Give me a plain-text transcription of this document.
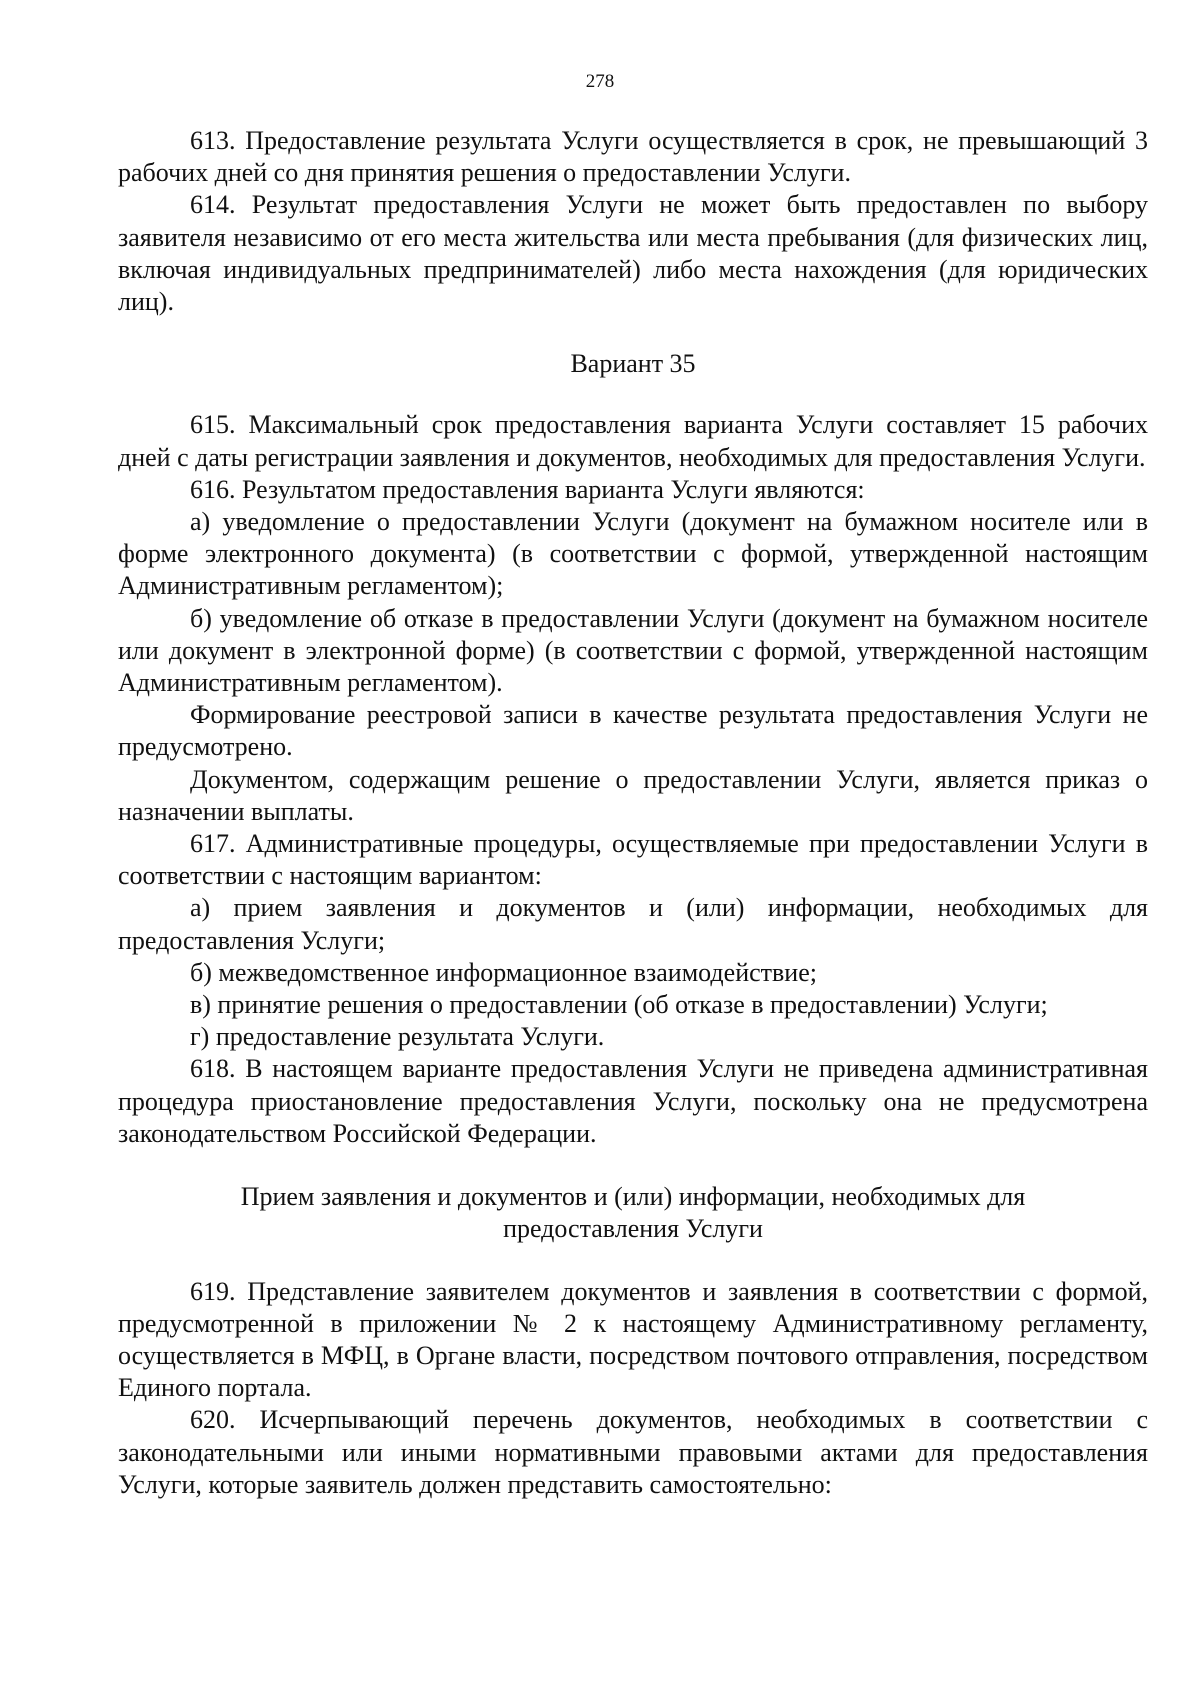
278

613. Предоставление результата Услуги осуществляется в срок, не превышающий 3 рабочих дней со дня принятия решения о предоставлении Услуги.

614. Результат предоставления Услуги не может быть предоставлен по выбору заявителя независимо от его места жительства или места пребывания (для физических лиц, включая индивидуальных предпринимателей) либо места нахождения (для юридических лиц).

Вариант 35

615. Максимальный срок предоставления варианта Услуги составляет 15 рабочих дней с даты регистрации заявления и документов, необходимых для предоставления Услуги.

616. Результатом предоставления варианта Услуги являются:

а) уведомление о предоставлении Услуги (документ на бумажном носителе или в форме электронного документа) (в соответствии с формой, утвержденной настоящим Административным регламентом);

б) уведомление об отказе в предоставлении Услуги (документ на бумажном носителе или документ в электронной форме) (в соответствии с формой, утвержденной настоящим Административным регламентом).

Формирование реестровой записи в качестве результата предоставления Услуги не предусмотрено.

Документом, содержащим решение о предоставлении Услуги, является приказ о назначении выплаты.

617. Административные процедуры, осуществляемые при предоставлении Услуги в соответствии с настоящим вариантом:

а) прием заявления и документов и (или) информации, необходимых для предоставления Услуги;

б) межведомственное информационное взаимодействие;

в) принятие решения о предоставлении (об отказе в предоставлении) Услуги;

г) предоставление результата Услуги.

618. В настоящем варианте предоставления Услуги не приведена административная процедура приостановление предоставления Услуги, поскольку она не предусмотрена законодательством Российской Федерации.

Прием заявления и документов и (или) информации, необходимых для
предоставления Услуги

619. Представление заявителем документов и заявления в соответствии с формой, предусмотренной в приложении № 2 к настоящему Административному регламенту, осуществляется в МФЦ, в Органе власти, посредством почтового отправления, посредством Единого портала.

620. Исчерпывающий перечень документов, необходимых в соответствии с законодательными или иными нормативными правовыми актами для предоставления Услуги, которые заявитель должен представить самостоятельно:
